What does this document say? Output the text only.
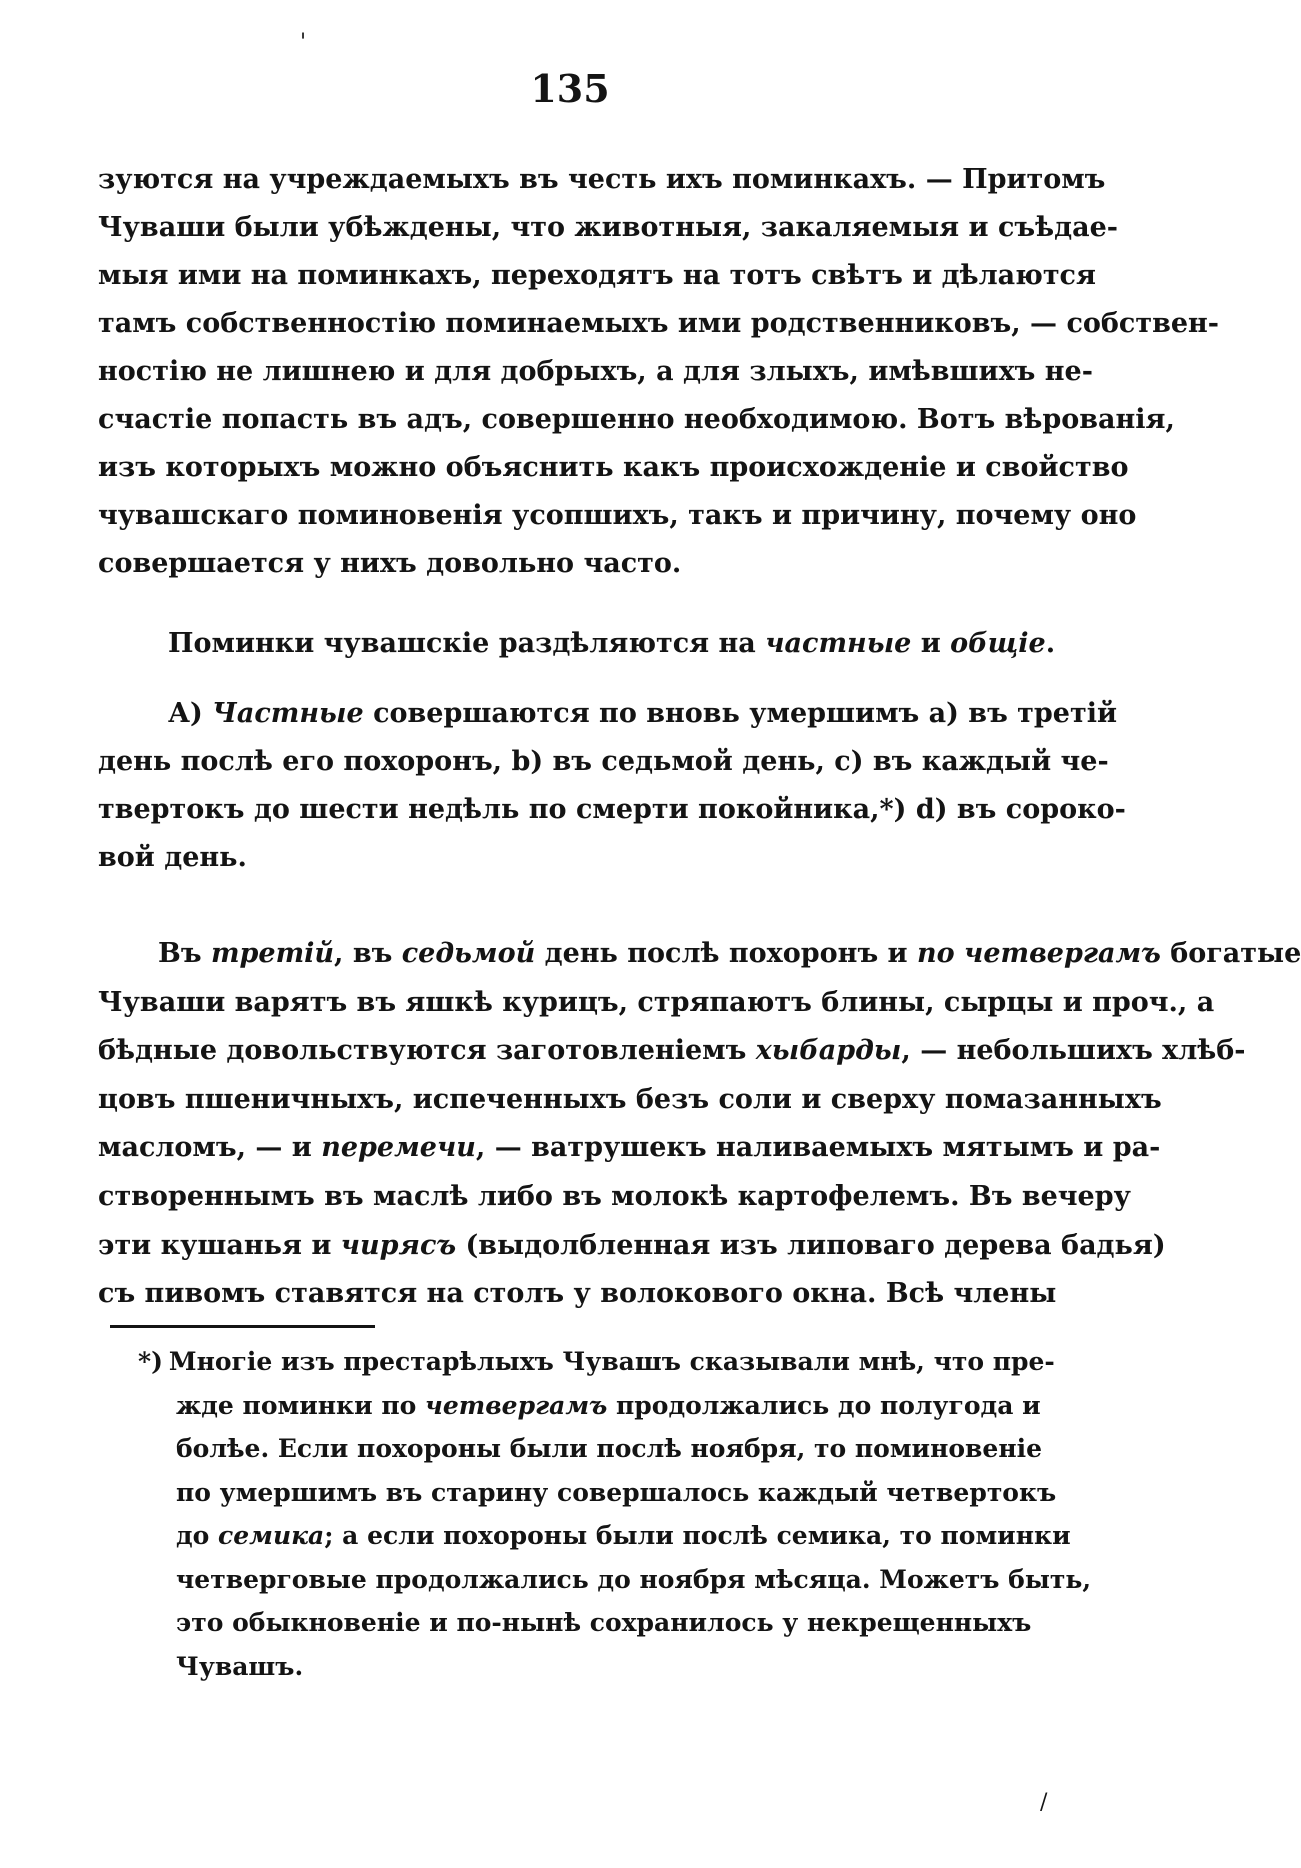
'
/
135

зуются на учреждаемыхъ въ честь ихъ поминкахъ. — Притомъ
Чуваши были убѣждены, что животныя, закаляемыя и съѣдае-
мыя ими на поминкахъ, переходятъ на тотъ свѣтъ и дѣлаются
тамъ собственностію поминаемыхъ ими родственниковъ, — собствен-
ностію не лишнею и для добрыхъ, а для злыхъ, имѣвшихъ не-
счастіе попасть въ адъ, совершенно необходимою. Вотъ вѣрованія,
изъ которыхъ можно объяснить какъ происхожденіе и свойство
чувашскаго поминовенія усопшихъ, такъ и причину, почему оно
совершается у нихъ довольно часто.

Поминки чувашскіе раздѣляются на частные и общіе.

А) Частные совершаются по вновь умершимъ a) въ третій
день послѣ его похоронъ, b) въ седьмой день, c) въ каждый че-
твертокъ до шести недѣль по смерти покойника,*) d) въ сороко-
вой день.

Въ третій, въ седьмой день послѣ похоронъ и по четвергамъ богатые
Чуваши варятъ въ яшкѣ курицъ, стряпаютъ блины, сырцы и проч., а
бѣдные довольствуются заготовленіемъ хыбарды, — небольшихъ хлѣб-
цовъ пшеничныхъ, испеченныхъ безъ соли и сверху помазанныхъ
масломъ, — и перемечи, — ватрушекъ наливаемыхъ мятымъ и ра-
створеннымъ въ маслѣ либо въ молокѣ картофелемъ. Въ вечеру
эти кушанья и чирясъ (выдолбленная изъ липоваго дерева бадья)
съ пивомъ ставятся на столъ у волокового окна. Всѣ члены

*) Многіе изъ престарѣлыхъ Чувашъ сказывали мнѣ, что пре-
жде поминки по четвергамъ продолжались до полугода и
болѣе. Если похороны были послѣ ноября, то поминовеніе
по умершимъ въ старину совершалось каждый четвертокъ
до семика; а если похороны были послѣ семика, то поминки
четверговые продолжались до ноября мѣсяца. Можетъ быть,
это обыкновеніе и по-нынѣ сохранилось у некрещенныхъ
Чувашъ.
